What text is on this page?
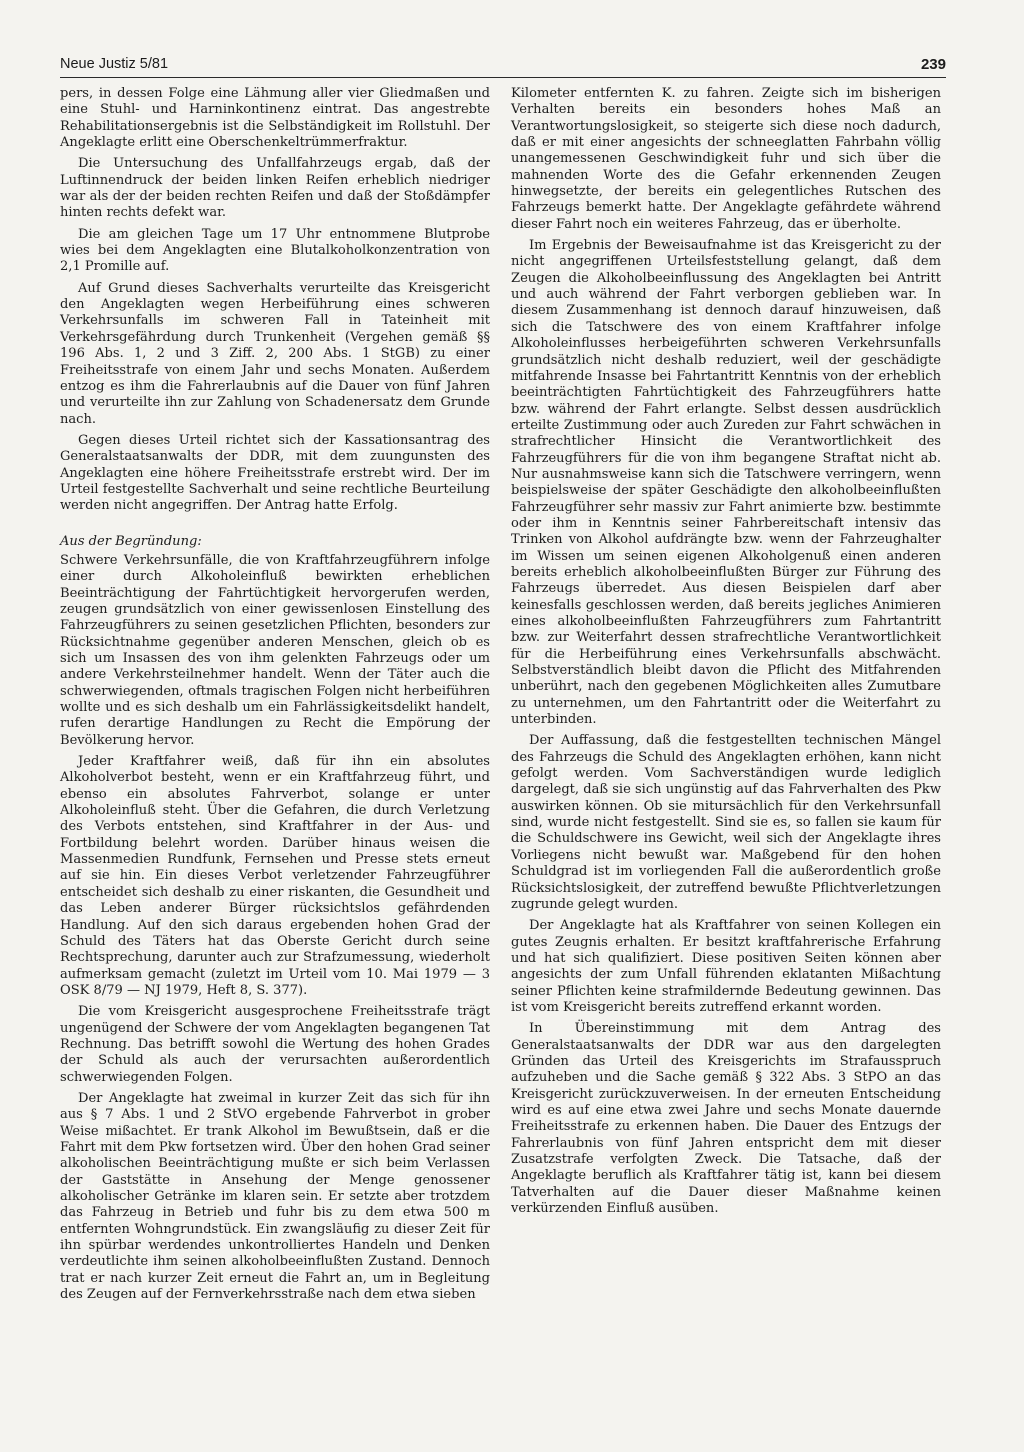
Neue Justiz 5/81	239

pers, in dessen Folge eine Lähmung aller vier Gliedmaßen und eine Stuhl- und Harninkontinenz eintrat. Das angestrebte Rehabilitationsergebnis ist die Selbständigkeit im Rollstuhl. Der Angeklagte erlitt eine Oberschenkeltrümmerfraktur.

Die Untersuchung des Unfallfahrzeugs ergab, daß der Luftinnendruck der beiden linken Reifen erheblich niedriger war als der der beiden rechten Reifen und daß der Stoßdämpfer hinten rechts defekt war.

Die am gleichen Tage um 17 Uhr entnommene Blutprobe wies bei dem Angeklagten eine Blutalkoholkonzentration von 2,1 Promille auf.

Auf Grund dieses Sachverhalts verurteilte das Kreisgericht den Angeklagten wegen Herbeiführung eines schweren Verkehrsunfalls im schweren Fall in Tateinheit mit Verkehrsgefährdung durch Trunkenheit (Vergehen gemäß §§ 196 Abs. 1, 2 und 3 Ziff. 2, 200 Abs. 1 StGB) zu einer Freiheitsstrafe von einem Jahr und sechs Monaten. Außerdem entzog es ihm die Fahrerlaubnis auf die Dauer von fünf Jahren und verurteilte ihn zur Zahlung von Schadenersatz dem Grunde nach.

Gegen dieses Urteil richtet sich der Kassationsantrag des Generalstaatsanwalts der DDR, mit dem zuungunsten des Angeklagten eine höhere Freiheitsstrafe erstrebt wird. Der im Urteil festgestellte Sachverhalt und seine rechtliche Beurteilung werden nicht angegriffen. Der Antrag hatte Erfolg.

Aus der Begründung:

Schwere Verkehrsunfälle, die von Kraftfahrzeugführern infolge einer durch Alkoholeinfluß bewirkten erheblichen Beeinträchtigung der Fahrtüchtigkeit hervorgerufen werden, zeugen grundsätzlich von einer gewissenlosen Einstellung des Fahrzeugführers zu seinen gesetzlichen Pflichten, besonders zur Rücksichtnahme gegenüber anderen Menschen, gleich ob es sich um Insassen des von ihm gelenkten Fahrzeugs oder um andere Verkehrsteilnehmer handelt. Wenn der Täter auch die schwerwiegenden, oftmals tragischen Folgen nicht herbeiführen wollte und es sich deshalb um ein Fahrlässigkeitsdelikt handelt, rufen derartige Handlungen zu Recht die Empörung der Bevölkerung hervor.

Jeder Kraftfahrer weiß, daß für ihn ein absolutes Alkoholverbot besteht, wenn er ein Kraftfahrzeug führt, und ebenso ein absolutes Fahrverbot, solange er unter Alkoholeinfluß steht. Über die Gefahren, die durch Verletzung des Verbots entstehen, sind Kraftfahrer in der Aus- und Fortbildung belehrt worden. Darüber hinaus weisen die Massenmedien Rundfunk, Fernsehen und Presse stets erneut auf sie hin. Ein dieses Verbot verletzender Fahrzeugführer entscheidet sich deshalb zu einer riskanten, die Gesundheit und das Leben anderer Bürger rücksichtslos gefährdenden Handlung. Auf den sich daraus ergebenden hohen Grad der Schuld des Täters hat das Oberste Gericht durch seine Rechtsprechung, darunter auch zur Strafzumessung, wiederholt aufmerksam gemacht (zuletzt im Urteil vom 10. Mai 1979 — 3 OSK 8/79 — NJ 1979, Heft 8, S. 377).

Die vom Kreisgericht ausgesprochene Freiheitsstrafe trägt ungenügend der Schwere der vom Angeklagten begangenen Tat Rechnung. Das betrifft sowohl die Wertung des hohen Grades der Schuld als auch der verursachten außerordentlich schwerwiegenden Folgen.

Der Angeklagte hat zweimal in kurzer Zeit das sich für ihn aus § 7 Abs. 1 und 2 StVO ergebende Fahrverbot in grober Weise mißachtet. Er trank Alkohol im Bewußtsein, daß er die Fahrt mit dem Pkw fortsetzen wird. Über den hohen Grad seiner alkoholischen Beeinträchtigung mußte er sich beim Verlassen der Gaststätte in Ansehung der Menge genossener alkoholischer Getränke im klaren sein. Er setzte aber trotzdem das Fahrzeug in Betrieb und fuhr bis zu dem etwa 500 m entfernten Wohngrundstück. Ein zwangsläufig zu dieser Zeit für ihn spürbar werdendes unkontrolliertes Handeln und Denken verdeutlichte ihm seinen alkoholbeeinflußten Zustand. Dennoch trat er nach kurzer Zeit erneut die Fahrt an, um in Begleitung des Zeugen auf der Fernverkehrsstraße nach dem etwa sieben

Kilometer entfernten K. zu fahren. Zeigte sich im bisherigen Verhalten bereits ein besonders hohes Maß an Verantwortungslosigkeit, so steigerte sich diese noch dadurch, daß er mit einer angesichts der schneeglatten Fahrbahn völlig unangemessenen Geschwindigkeit fuhr und sich über die mahnenden Worte des die Gefahr erkennenden Zeugen hinwegsetzte, der bereits ein gelegentliches Rutschen des Fahrzeugs bemerkt hatte. Der Angeklagte gefährdete während dieser Fahrt noch ein weiteres Fahrzeug, das er überholte.

Im Ergebnis der Beweisaufnahme ist das Kreisgericht zu der nicht angegriffenen Urteilsfeststellung gelangt, daß dem Zeugen die Alkoholbeeinflussung des Angeklagten bei Antritt und auch während der Fahrt verborgen geblieben war. In diesem Zusammenhang ist dennoch darauf hinzuweisen, daß sich die Tatschwere des von einem Kraftfahrer infolge Alkoholeinflusses herbeigeführten schweren Verkehrsunfalls grundsätzlich nicht deshalb reduziert, weil der geschädigte mitfahrende Insasse bei Fahrtantritt Kenntnis von der erheblich beeinträchtigten Fahrtüchtigkeit des Fahrzeugführers hatte bzw. während der Fahrt erlangte. Selbst dessen ausdrücklich erteilte Zustimmung oder auch Zureden zur Fahrt schwächen in strafrechtlicher Hinsicht die Verantwortlichkeit des Fahrzeugführers für die von ihm begangene Straftat nicht ab. Nur ausnahmsweise kann sich die Tatschwere verringern, wenn beispielsweise der später Geschädigte den alkoholbeeinflußten Fahrzeugführer sehr massiv zur Fahrt animierte bzw. bestimmte oder ihm in Kenntnis seiner Fahrbereitschaft intensiv das Trinken von Alkohol aufdrängte bzw. wenn der Fahrzeughalter im Wissen um seinen eigenen Alkoholgenuß einen anderen bereits erheblich alkoholbeeinflußten Bürger zur Führung des Fahrzeugs überredet. Aus diesen Beispielen darf aber keinesfalls geschlossen werden, daß bereits jegliches Animieren eines alkoholbeeinflußten Fahrzeugführers zum Fahrtantritt bzw. zur Weiterfahrt dessen strafrechtliche Verantwortlichkeit für die Herbeiführung eines Verkehrsunfalls abschwächt. Selbstverständlich bleibt davon die Pflicht des Mitfahrenden unberührt, nach den gegebenen Möglichkeiten alles Zumutbare zu unternehmen, um den Fahrtantritt oder die Weiterfahrt zu unterbinden.

Der Auffassung, daß die festgestellten technischen Mängel des Fahrzeugs die Schuld des Angeklagten erhöhen, kann nicht gefolgt werden. Vom Sachverständigen wurde lediglich dargelegt, daß sie sich ungünstig auf das Fahrverhalten des Pkw auswirken können. Ob sie mitursächlich für den Verkehrsunfall sind, wurde nicht festgestellt. Sind sie es, so fallen sie kaum für die Schuldschwere ins Gewicht, weil sich der Angeklagte ihres Vorliegens nicht bewußt war. Maßgebend für den hohen Schuldgrad ist im vorliegenden Fall die außerordentlich große Rücksichtslosigkeit, der zutreffend bewußte Pflichtverletzungen zugrunde gelegt wurden.

Der Angeklagte hat als Kraftfahrer von seinen Kollegen ein gutes Zeugnis erhalten. Er besitzt kraftfahrerische Erfahrung und hat sich qualifiziert. Diese positiven Seiten können aber angesichts der zum Unfall führenden eklatanten Mißachtung seiner Pflichten keine strafmildernde Bedeutung gewinnen. Das ist vom Kreisgericht bereits zutreffend erkannt worden.

In Übereinstimmung mit dem Antrag des Generalstaatsanwalts der DDR war aus den dargelegten Gründen das Urteil des Kreisgerichts im Strafausspruch aufzuheben und die Sache gemäß § 322 Abs. 3 StPO an das Kreisgericht zurückzuverweisen. In der erneuten Entscheidung wird es auf eine etwa zwei Jahre und sechs Monate dauernde Freiheitsstrafe zu erkennen haben. Die Dauer des Entzugs der Fahrerlaubnis von fünf Jahren entspricht dem mit dieser Zusatzstrafe verfolgten Zweck. Die Tatsache, daß der Angeklagte beruflich als Kraftfahrer tätig ist, kann bei diesem Tatverhalten auf die Dauer dieser Maßnahme keinen verkürzenden Einfluß ausüben.
